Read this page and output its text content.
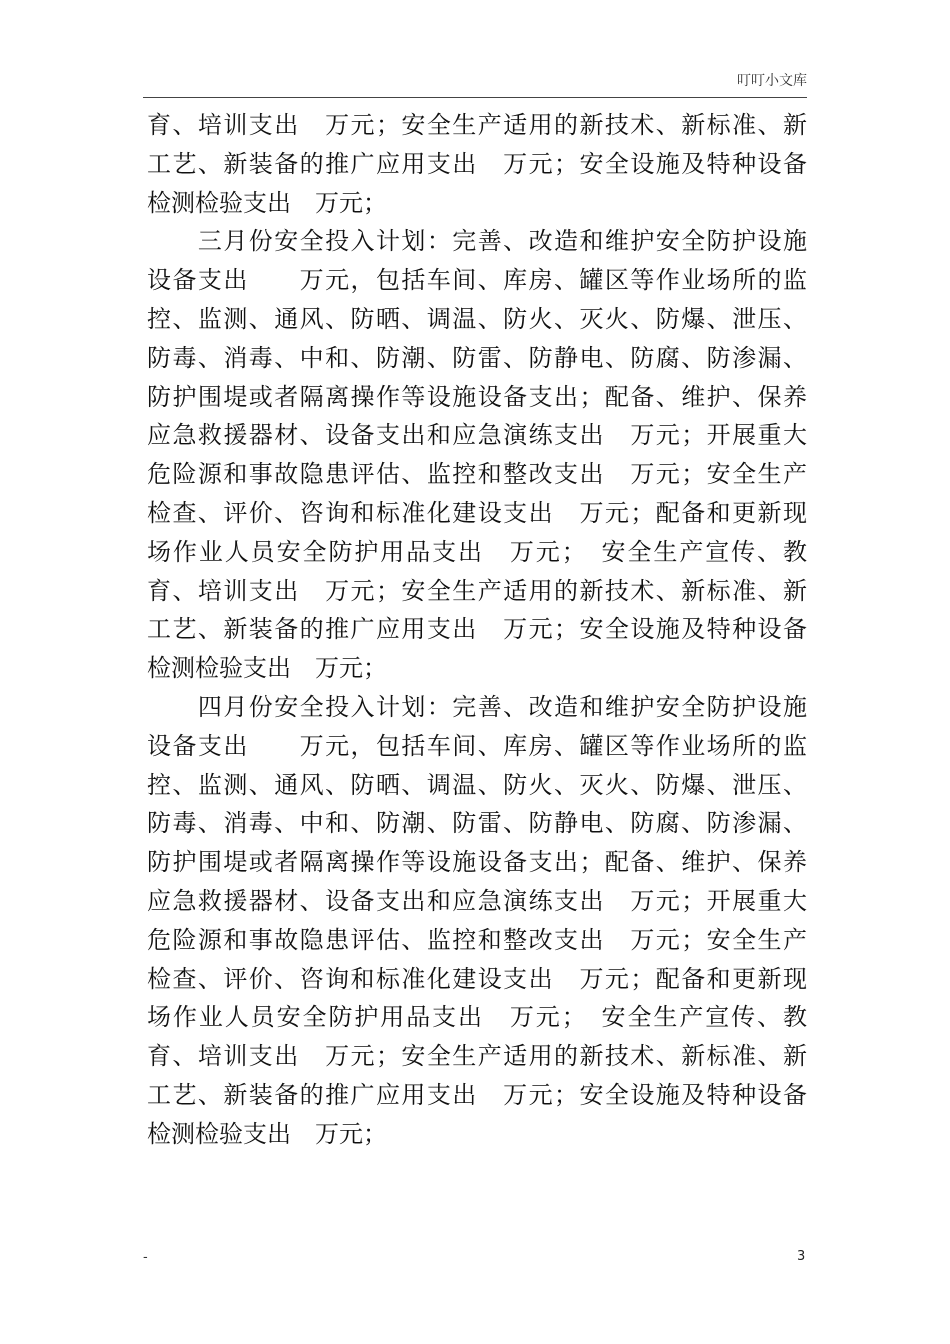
叮叮小文库
育、培训支出　万元；安全生产适用的新技术、新标准、新
工艺、新装备的推广应用支出　万元；安全设施及特种设备
检测检验支出　万元；
　　三月份安全投入计划：完善、改造和维护安全防护设施
设备支出　　万元，包括车间、库房、罐区等作业场所的监
控、监测、通风、防晒、调温、防火、灭火、防爆、泄压、
防毒、消毒、中和、防潮、防雷、防静电、防腐、防渗漏、
防护围堤或者隔离操作等设施设备支出；配备、维护、保养
应急救援器材、设备支出和应急演练支出　万元；开展重大
危险源和事故隐患评估、监控和整改支出　万元；安全生产
检查、评价、咨询和标准化建设支出　万元；配备和更新现
场作业人员安全防护用品支出　万元；　安全生产宣传、教
育、培训支出　万元；安全生产适用的新技术、新标准、新
工艺、新装备的推广应用支出　万元；安全设施及特种设备
检测检验支出　万元；
　　四月份安全投入计划：完善、改造和维护安全防护设施
设备支出　　万元，包括车间、库房、罐区等作业场所的监
控、监测、通风、防晒、调温、防火、灭火、防爆、泄压、
防毒、消毒、中和、防潮、防雷、防静电、防腐、防渗漏、
防护围堤或者隔离操作等设施设备支出；配备、维护、保养
应急救援器材、设备支出和应急演练支出　万元；开展重大
危险源和事故隐患评估、监控和整改支出　万元；安全生产
检查、评价、咨询和标准化建设支出　万元；配备和更新现
场作业人员安全防护用品支出　万元；　安全生产宣传、教
育、培训支出　万元；安全生产适用的新技术、新标准、新
工艺、新装备的推广应用支出　万元；安全设施及特种设备
检测检验支出　万元；
-	3
